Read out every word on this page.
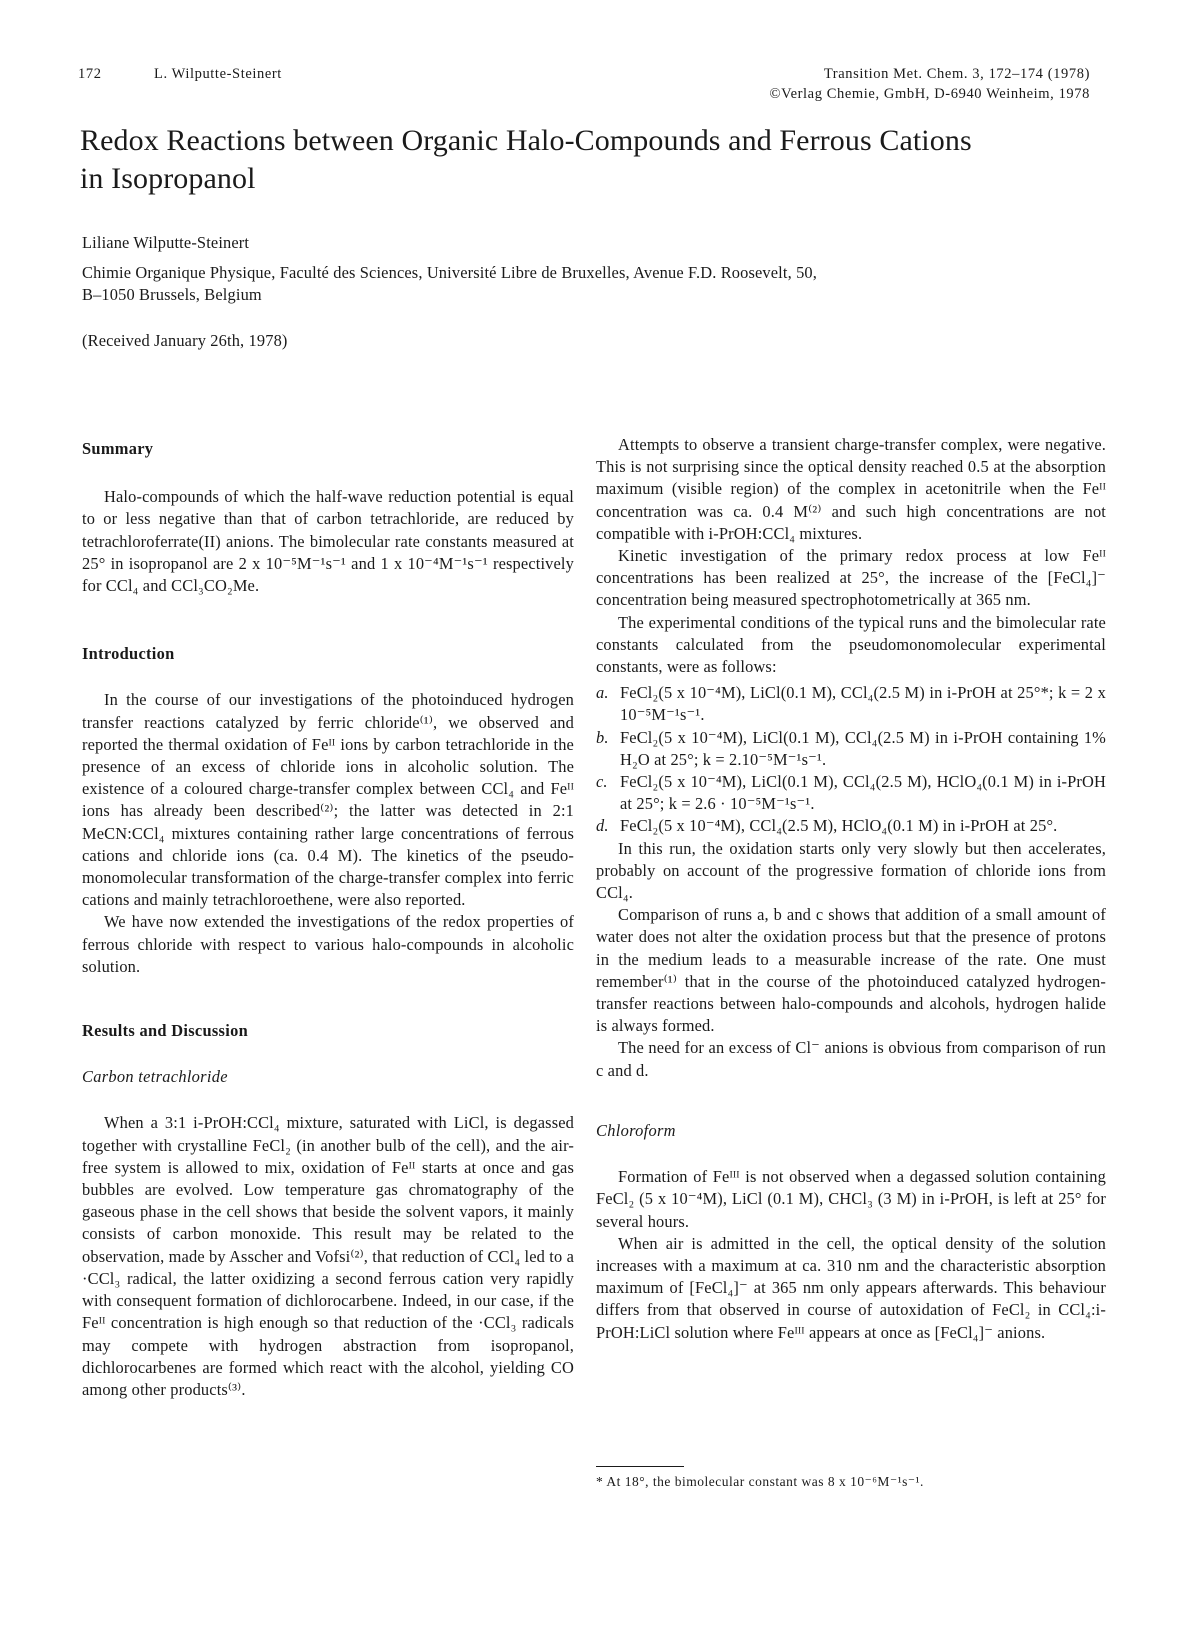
172	L. Wilputte-Steinert	Transition Met. Chem. 3, 172–174 (1978)
©Verlag Chemie, GmbH, D-6940 Weinheim, 1978
Redox Reactions between Organic Halo-Compounds and Ferrous Cations
in Isopropanol
Liliane Wilputte-Steinert
Chimie Organique Physique, Faculté des Sciences, Université Libre de Bruxelles, Avenue F.D. Roosevelt, 50,
B–1050 Brussels, Belgium
(Received January 26th, 1978)
Summary

Halo-compounds of which the half-wave reduction potential is equal to or less negative than that of carbon tetrachloride, are reduced by tetrachloroferrate(II) anions. The bimolecular rate constants measured at 25° in isopropanol are 2 x 10⁻⁵M⁻¹s⁻¹ and 1 x 10⁻⁴M⁻¹s⁻¹ respectively for CCl₄ and CCl₃CO₂Me.

Introduction

In the course of our investigations of the photoinduced hydrogen transfer reactions catalyzed by ferric chloride⁽¹⁾, we observed and reported the thermal oxidation of Feᴵᴵ ions by carbon tetrachloride in the presence of an excess of chloride ions in alcoholic solution. The existence of a coloured charge-transfer complex between CCl₄ and Feᴵᴵ ions has already been described⁽²⁾; the latter was detected in 2:1 MeCN:CCl₄ mixtures containing rather large concentrations of ferrous cations and chloride ions (ca. 0.4 M). The kinetics of the pseudo-monomolecular transformation of the charge-transfer complex into ferric cations and mainly tetrachloroethene, were also reported.

We have now extended the investigations of the redox properties of ferrous chloride with respect to various halo-compounds in alcoholic solution.

Results and Discussion
Carbon tetrachloride

When a 3:1 i-PrOH:CCl₄ mixture, saturated with LiCl, is degassed together with crystalline FeCl₂ (in another bulb of the cell), and the air-free system is allowed to mix, oxidation of Feᴵᴵ starts at once and gas bubbles are evolved. Low temperature gas chromatography of the gaseous phase in the cell shows that beside the solvent vapors, it mainly consists of carbon monoxide. This result may be related to the observation, made by Asscher and Vofsi⁽²⁾, that reduction of CCl₄ led to a ·CCl₃ radical, the latter oxidizing a second ferrous cation very rapidly with consequent formation of dichlorocarbene. Indeed, in our case, if the Feᴵᴵ concentration is high enough so that reduction of the ·CCl₃ radicals may compete with hydrogen abstraction from isopropanol, dichlorocarbenes are formed which react with the alcohol, yielding CO among other products⁽³⁾.

Attempts to observe a transient charge-transfer complex, were negative. This is not surprising since the optical density reached 0.5 at the absorption maximum (visible region) of the complex in acetonitrile when the Feᴵᴵ concentration was ca. 0.4 M⁽²⁾ and such high concentrations are not compatible with i-PrOH:CCl₄ mixtures.

Kinetic investigation of the primary redox process at low Feᴵᴵ concentrations has been realized at 25°, the increase of the [FeCl₄]⁻ concentration being measured spectrophotometrically at 365 nm.

The experimental conditions of the typical runs and the bimolecular rate constants calculated from the pseudomonomolecular experimental constants, were as follows:

a. FeCl₂(5 x 10⁻⁴M), LiCl(0.1 M), CCl₄(2.5 M) in i-PrOH at 25°*; k = 2 x 10⁻⁵M⁻¹s⁻¹.
b. FeCl₂(5 x 10⁻⁴M), LiCl(0.1 M), CCl₄(2.5 M) in i-PrOH containing 1% H₂O at 25°; k = 2.10⁻⁵M⁻¹s⁻¹.
c. FeCl₂(5 x 10⁻⁴M), LiCl(0.1 M), CCl₄(2.5 M), HClO₄(0.1 M) in i-PrOH at 25°; k = 2.6 · 10⁻⁵M⁻¹s⁻¹.
d. FeCl₂(5 x 10⁻⁴M), CCl₄(2.5 M), HClO₄(0.1 M) in i-PrOH at 25°.

In this run, the oxidation starts only very slowly but then accelerates, probably on account of the progressive formation of chloride ions from CCl₄.

Comparison of runs a, b and c shows that addition of a small amount of water does not alter the oxidation process but that the presence of protons in the medium leads to a measurable increase of the rate. One must remember⁽¹⁾ that in the course of the photoinduced catalyzed hydrogen-transfer reactions between halo-compounds and alcohols, hydrogen halide is always formed.

The need for an excess of Cl⁻ anions is obvious from comparison of run c and d.

Chloroform

Formation of Feᴵᴵᴵ is not observed when a degassed solution containing FeCl₂ (5 x 10⁻⁴M), LiCl (0.1 M), CHCl₃ (3 M) in i-PrOH, is left at 25° for several hours.

When air is admitted in the cell, the optical density of the solution increases with a maximum at ca. 310 nm and the characteristic absorption maximum of [FeCl₄]⁻ at 365 nm only appears afterwards. This behaviour differs from that observed in course of autoxidation of FeCl₂ in CCl₄:i-PrOH:LiCl solution where Feᴵᴵᴵ appears at once as [FeCl₄]⁻ anions.

* At 18°, the bimolecular constant was 8 x 10⁻⁶M⁻¹s⁻¹.
